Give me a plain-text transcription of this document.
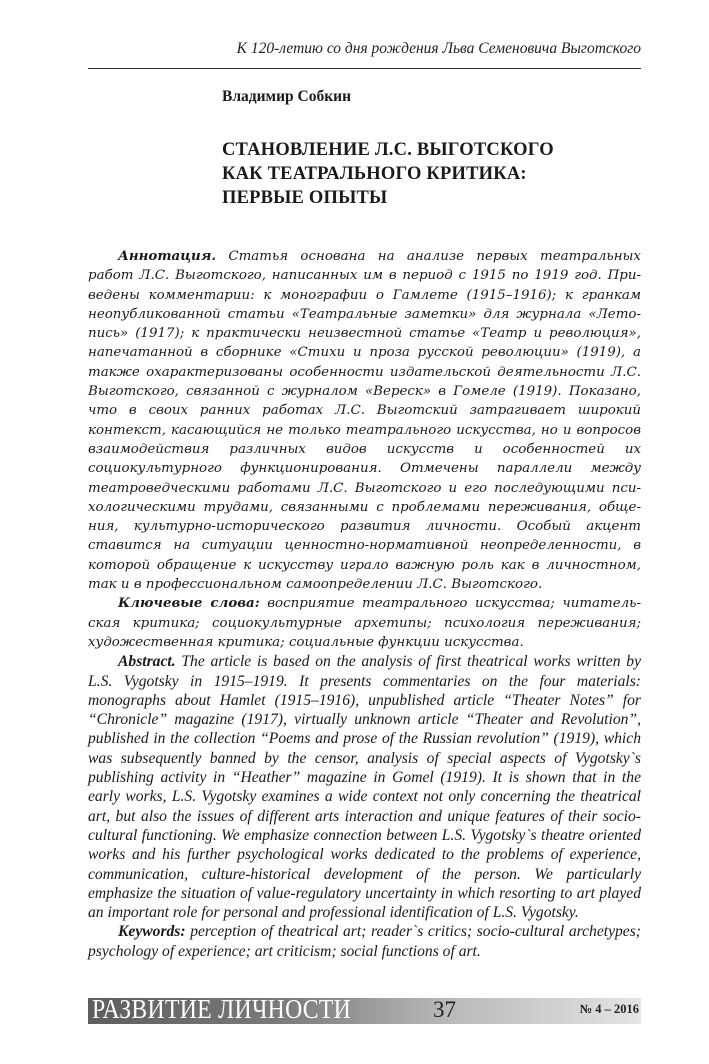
К 120-летию со дня рождения Льва Семеновича Выготского
Владимир Собкин
СТАНОВЛЕНИЕ Л.С. ВЫГОТСКОГО
КАК ТЕАТРАЛЬНОГО КРИТИКА:
ПЕРВЫЕ ОПЫТЫ

Аннотация. Статья основана на анализе первых театральных работ Л.С. Выготского, написанных им в период с 1915 по 1919 год. Приведены комментарии: к монографии о Гамлете (1915–1916); к гранкам неопубликованной статьи «Театральные заметки» для журнала «Летопись» (1917); к практически неизвестной статье «Театр и революция», напечатанной в сборнике «Стихи и проза русской революции» (1919), а также охарактеризованы особенности издательской деятельности Л.С. Выготского, связанной с журналом «Вереск» в Гомеле (1919). Показано, что в своих ранних работах Л.С. Выготский затрагивает широкий контекст, касающийся не только театрального искусства, но и вопросов взаимодействия различных видов искусств и особенностей их социокультурного функционирования. Отмечены параллели между театроведческими работами Л.С. Выготского и его последующими психологическими трудами, связанными с проблемами переживания, общения, культурно-исторического развития личности. Особый акцент ставится на ситуации ценностно-нормативной неопределенности, в которой обращение к искусству играло важную роль как в личностном, так и в профессиональном самоопределении Л.С. Выготского.

Ключевые слова: восприятие театрального искусства; читательская критика; социокультурные архетипы; психология переживания; художественная критика; социальные функции искусства.

Abstract. The article is based on the analysis of first theatrical works written by L.S. Vygotsky in 1915–1919. It presents commentaries on the four materials: monographs about Hamlet (1915–1916), unpublished article “Theater Notes” for “Chronicle” magazine (1917), virtually unknown article “Theater and Revolution”, published in the collection “Poems and prose of the Russian revolution” (1919), which was subsequently banned by the censor, analysis of special aspects of Vygotsky`s publishing activity in “Heather” magazine in Gomel (1919). It is shown that in the early works, L.S. Vygotsky examines a wide context not only concerning the theatrical art, but also the issues of different arts interaction and unique features of their socio-cultural functioning. We emphasize connection between L.S. Vygotsky`s theatre oriented works and his further psychological works dedicated to the problems of experience, communication, culture-historical development of the person. We particularly emphasize the situation of value-regulatory uncertainty in which resorting to art played an important role for personal and professional identification of L.S. Vygotsky.

Keywords: perception of theatrical art; reader`s critics; socio-cultural archetypes; psychology of experience; art criticism; social functions of art.

РАЗВИТИЕ ЛИЧНОСТИ	37	№ 4 – 2016
